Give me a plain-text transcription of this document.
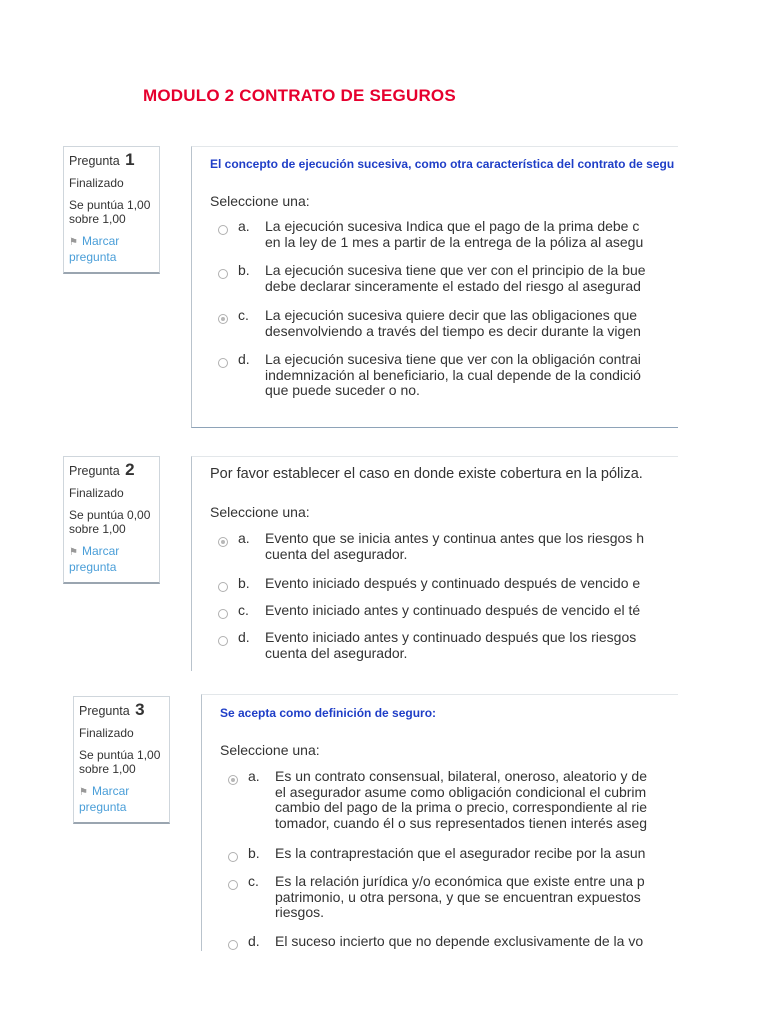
MODULO 2 CONTRATO DE SEGUROS
Pregunta 1
Finalizado
Se puntúa 1,00
sobre 1,00
⚑ Marcar
pregunta
El concepto de ejecución sucesiva, como otra característica del contrato de segu
Seleccione una:
a. La ejecución sucesiva Indica que el pago de la prima debe c
en la ley de 1 mes a partir de la entrega de la póliza al asegu
b. La ejecución sucesiva tiene que ver con el principio de la bue
debe declarar sinceramente el estado del riesgo al asegurad
c. La ejecución sucesiva quiere decir que las obligaciones que
desenvolviendo a través del tiempo es decir durante la vigen
d. La ejecución sucesiva tiene que ver con la obligación contrai
indemnización al beneficiario, la cual depende de la condició
que puede suceder o no.
Pregunta 2
Finalizado
Se puntúa 0,00
sobre 1,00
⚑ Marcar
pregunta
Por favor establecer el caso en donde existe cobertura en la póliza.
Seleccione una:
a. Evento que se inicia antes y continua antes que los riesgos h
cuenta del asegurador.
b. Evento iniciado después y continuado después de vencido e
c. Evento iniciado antes y continuado después de vencido el té
d. Evento iniciado antes y continuado después que los riesgos
cuenta del asegurador.
Pregunta 3
Finalizado
Se puntúa 1,00
sobre 1,00
⚑ Marcar
pregunta
Se acepta como definición de seguro:
Seleccione una:
a. Es un contrato consensual, bilateral, oneroso, aleatorio y de
el asegurador asume como obligación condicional el cubrim
cambio del pago de la prima o precio, correspondiente al rie
tomador, cuando él o sus representados tienen interés aseg
b. Es la contraprestación que el asegurador recibe por la asun
c. Es la relación jurídica y/o económica que existe entre una p
patrimonio, u otra persona, y que se encuentran expuestos
riesgos.
d. El suceso incierto que no depende exclusivamente de la vo
